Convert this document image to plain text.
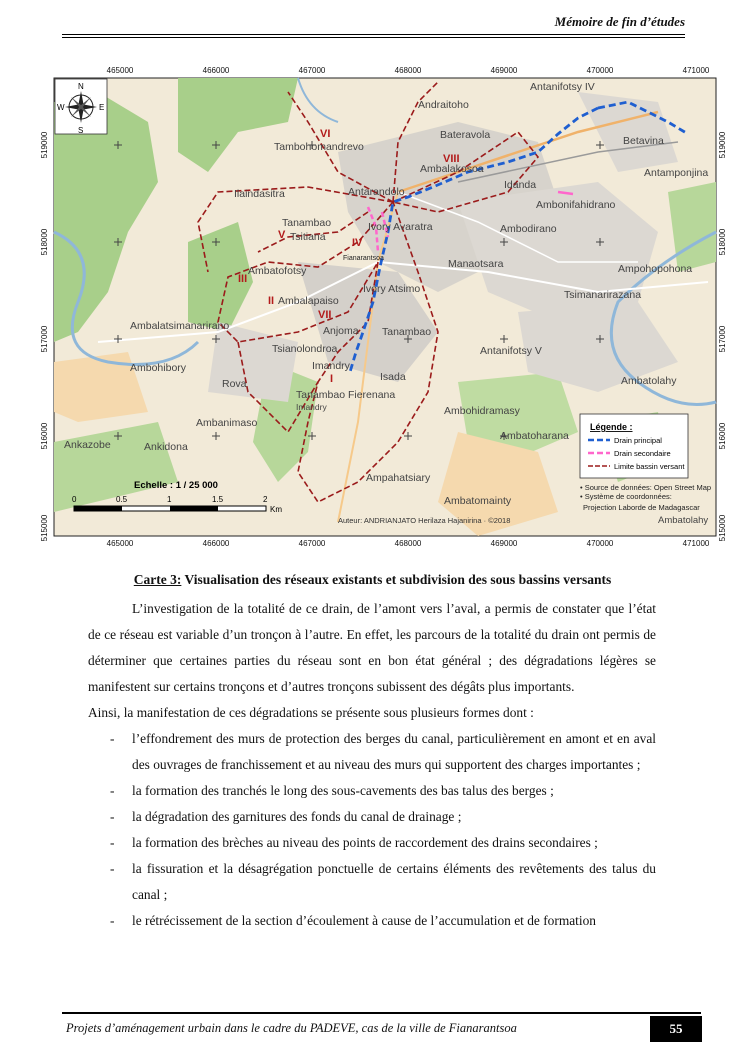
Mémoire de fin d’études
Antanifotsy IV
Andraitoho
Tambohomandrevo
Bateravola	Betavina
Ambalakosoa
Idanda
Antamponjina
Ilaindasitra	Antarandolo
Ambonifahidrano
Tanambao
Tsitiana
Ivory Avaratra	Ambodirano
Fianarantsoa	Manaotsara	Ampohopohona
Ambatofotsy
Ivory Atsimo	Tsimanarirazana
Ambalapaiso
Anjoma Tanambao
Ambalatsimanarirano
Tsianolondroa	Antanifotsy V
Imandry
Ambohibory
Isada	Ambatolahy
Rova
Tanambao Fierenana
Ambohidramasy
Ambanimaso
Ankazobe	Ankidona
Ambatoharana
Ampahatsiary
Ambatomainty
Ambatolahy
Imandry
VI
VIII
V
IV
III
II
VII
I
N
S
E
W
Légende :
Drain principal
Drain secondaire
Limite bassin versant
• Source de données: Open Street Map
• Système de coordonnées:
Projection Laborde de Madagascar
Echelle : 1 / 25 000
0	0.5	1	1.5	2
Km
Auteur: ANDRIANJATO Herilaza Hajanirina · ©2018
465000	466000	467000	468000	469000	470000	471000
465000	466000	467000	468000	469000	470000	471000
519000
518000
517000
516000
515000
519000
518000
517000
516000
515000
Carte 3: Visualisation des réseaux existants et subdivision des sous bassins versants

L’investigation de la totalité de ce drain, de l’amont vers l’aval, a permis de constater que l’état de ce réseau est variable d’un tronçon à l’autre. En effet, les parcours de la totalité du drain ont permis de déterminer que certaines parties du réseau sont en bon état général ; des dégradations légères se manifestent sur certains tronçons et d’autres tronçons subissent des dégâts plus importants.

Ainsi, la manifestation de ces dégradations se présente sous plusieurs formes dont :

- l’effondrement des murs de protection des berges du canal, particulièrement en amont et en aval des ouvrages de franchissement et au niveau des murs qui supportent des charges importantes ;
- la formation des tranchés le long des sous-cavements des bas talus des berges ;
- la dégradation des garnitures des fonds du canal de drainage ;
- la formation des brèches au niveau des points de raccordement des drains secondaires ;
- la fissuration et la désagrégation ponctuelle de certains éléments des revêtements des talus du canal ;
- le rétrécissement de la section d’écoulement à cause de l’accumulation et de formation
Projets d’aménagement urbain dans le cadre du PADEVE, cas de la ville de Fianarantsoa	55
